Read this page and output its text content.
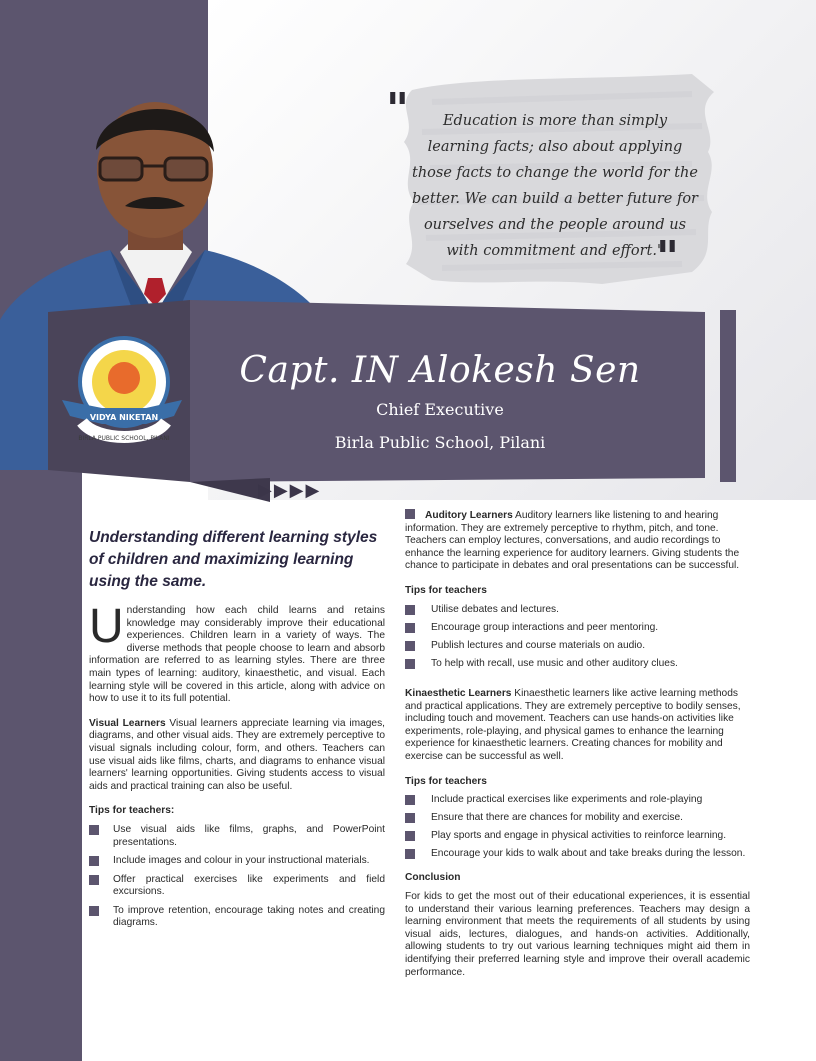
"	Education is more than simply learning facts; also about applying those facts to change the world for the better. We can build a better future for ourselves and the people around us with commitment and effort."
"
VIDYA NIKETAN
BIRLA PUBLIC SCHOOL, PILANI
Capt. IN Alokesh Sen
Chief Executive
Birla Public School, Pilani
▶▶▶▶
Understanding different learning styles of children and maximizing learning using the same.
Understanding how each child learns and retains knowledge may considerably improve their educational experiences. Children learn in a variety of ways. The diverse methods that people choose to learn and absorb information are referred to as learning styles. There are three main types of learning: auditory, kinaesthetic, and visual. Each learning style will be covered in this article, along with advice on how to use it to its full potential.
Visual Learners Visual learners appreciate learning via images, diagrams, and other visual aids. They are extremely perceptive to visual signals including colour, form, and others. Teachers can use visual aids like films, charts, and diagrams to enhance visual learners' learning opportunities. Giving students access to visual aids and practical training can also be useful.
Tips for teachers:
Use visual aids like films, graphs, and PowerPoint presentations.
Include images and colour in your instructional materials.
Offer practical exercises like experiments and field excursions.
To improve retention, encourage taking notes and creating diagrams.
Auditory Learners Auditory learners like listening to and hearing information. They are extremely perceptive to rhythm, pitch, and tone. Teachers can employ lectures, conversations, and audio recordings to enhance the learning experience for auditory learners. Giving students the chance to participate in debates and oral presentations can be successful.
Tips for teachers
Utilise debates and lectures.
Encourage group interactions and peer mentoring.
Publish lectures and course materials on audio.
To help with recall, use music and other auditory clues.
Kinaesthetic Learners Kinaesthetic learners like active learning methods and practical applications. They are extremely perceptive to bodily senses, including touch and movement. Teachers can use hands-on activities like experiments, role-playing, and physical games to enhance the learning experience for kinaesthetic learners. Creating chances for mobility and exercise can be successful as well.
Tips for teachers
Include practical exercises like experiments and role-playing
Ensure that there are chances for mobility and exercise.
Play sports and engage in physical activities to reinforce learning.
Encourage your kids to walk about and take breaks during the lesson.
Conclusion
For kids to get the most out of their educational experiences, it is essential to understand their various learning preferences. Teachers may design a learning environment that meets the requirements of all students by using visual aids, lectures, dialogues, and hands-on activities. Additionally, allowing students to try out various learning techniques might aid them in identifying their preferred learning style and improve their overall academic performance.
